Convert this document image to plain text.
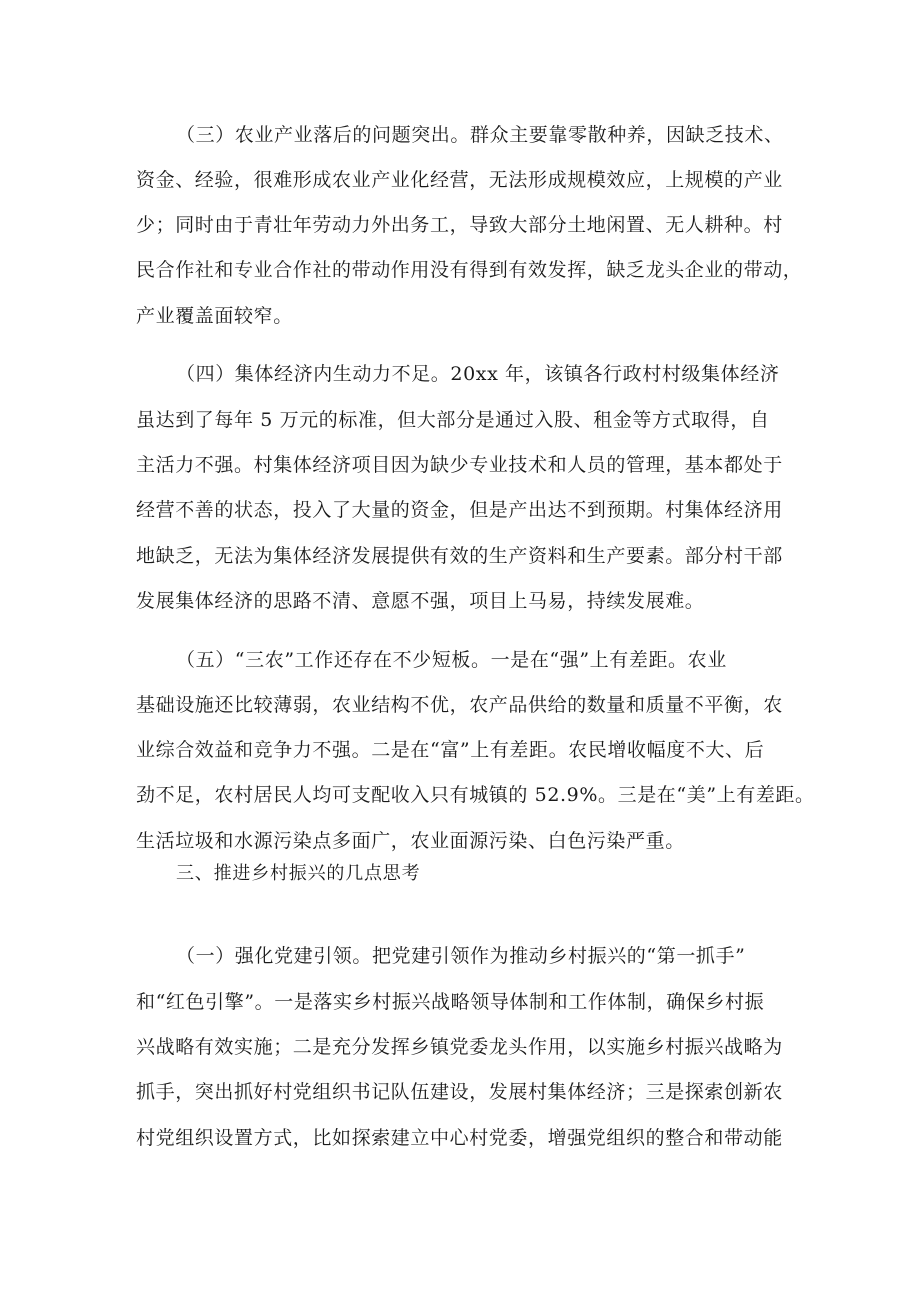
（三）农业产业落后的问题突出。群众主要靠零散种养，因缺乏技术、

资金、经验，很难形成农业产业化经营，无法形成规模效应，上规模的产业

少；同时由于青壮年劳动力外出务工，导致大部分土地闲置、无人耕种。村

民合作社和专业合作社的带动作用没有得到有效发挥，缺乏龙头企业的带动，

产业覆盖面较窄。

（四）集体经济内生动力不足。20xx 年，该镇各行政村村级集体经济

虽达到了每年 5 万元的标准，但大部分是通过入股、租金等方式取得，自

主活力不强。村集体经济项目因为缺少专业技术和人员的管理，基本都处于

经营不善的状态，投入了大量的资金，但是产出达不到预期。村集体经济用

地缺乏，无法为集体经济发展提供有效的生产资料和生产要素。部分村干部

发展集体经济的思路不清、意愿不强，项目上马易，持续发展难。

（五）“三农”工作还存在不少短板。一是在“强”上有差距。农业

基础设施还比较薄弱，农业结构不优，农产品供给的数量和质量不平衡，农

业综合效益和竞争力不强。二是在“富”上有差距。农民增收幅度不大、后

劲不足，农村居民人均可支配收入只有城镇的 52.9%。三是在“美”上有差距。

生活垃圾和水源污染点多面广，农业面源污染、白色污染严重。

三、推进乡村振兴的几点思考

（一）强化党建引领。把党建引领作为推动乡村振兴的“第一抓手”

和“红色引擎”。一是落实乡村振兴战略领导体制和工作体制，确保乡村振

兴战略有效实施；二是充分发挥乡镇党委龙头作用，以实施乡村振兴战略为

抓手，突出抓好村党组织书记队伍建设，发展村集体经济；三是探索创新农

村党组织设置方式，比如探索建立中心村党委，增强党组织的整合和带动能
